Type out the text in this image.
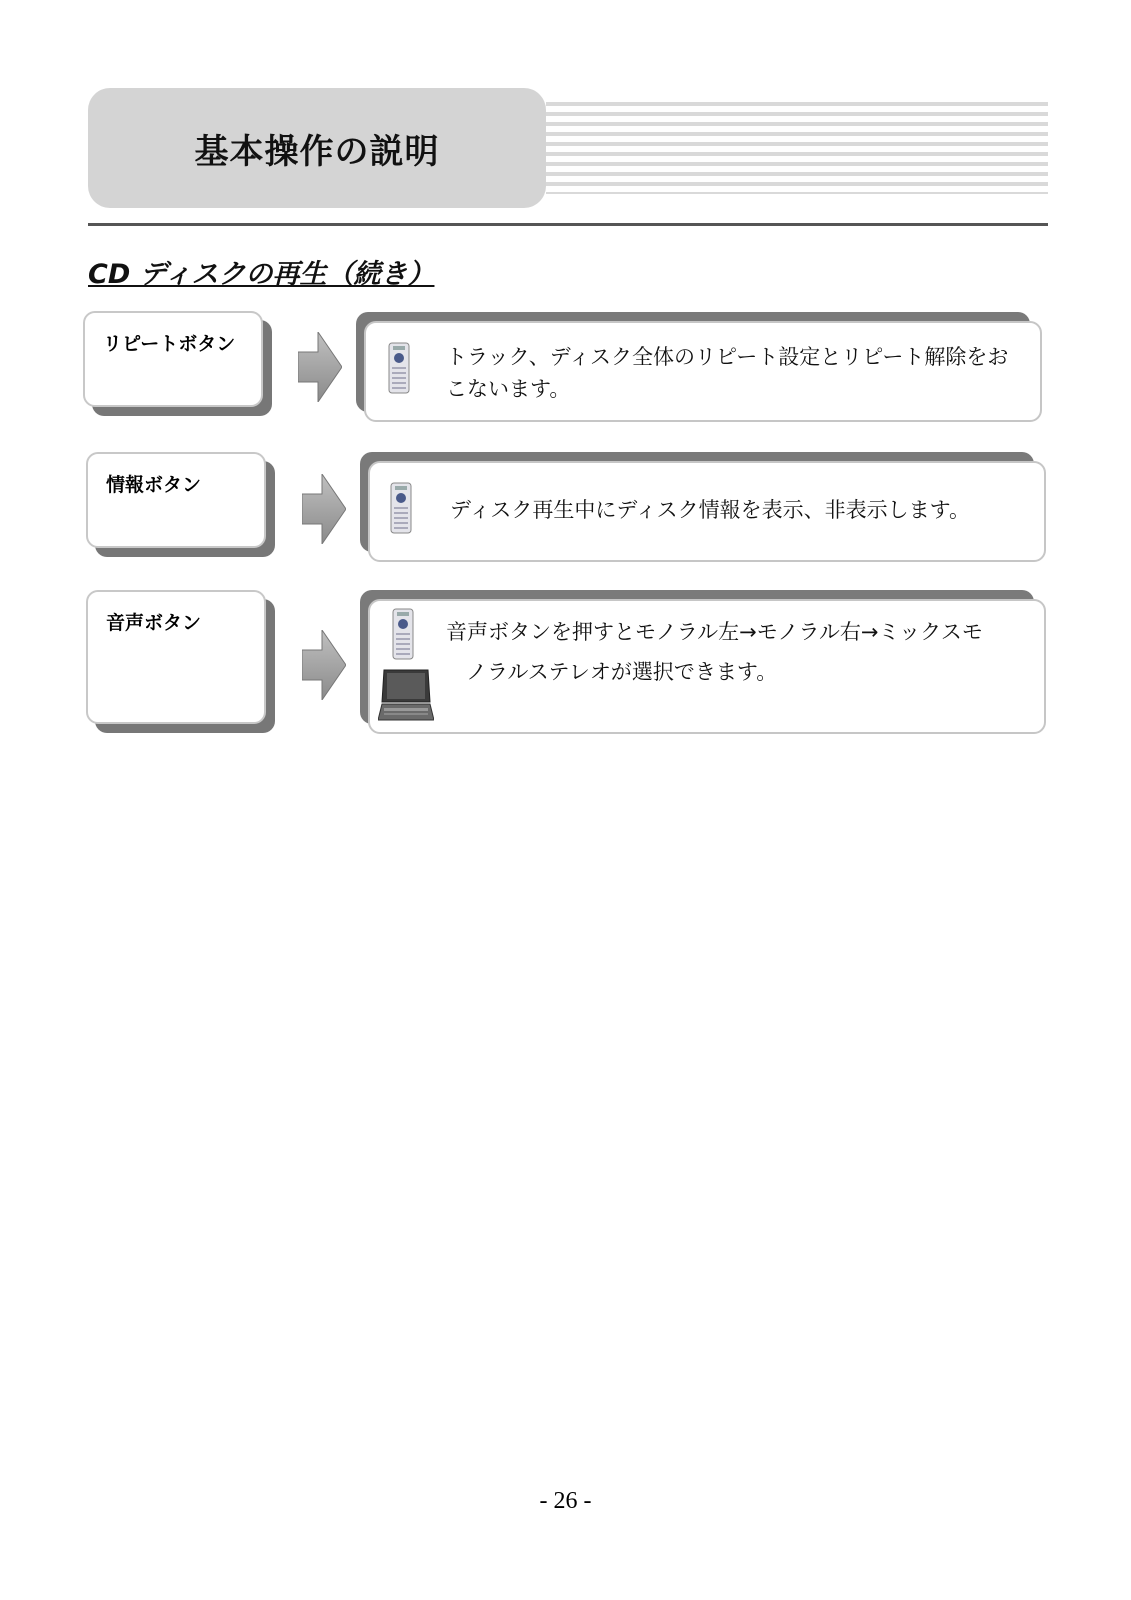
基本操作の説明
CD ディスクの再生（続き）
リピートボタン
トラック、ディスク全体のリピート設定とリピート解除をおこないます。
情報ボタン
ディスク再生中にディスク情報を表示、非表示します。
音声ボタン	音声ボタンを押すとモノラル左→モノラル右→ミックスモ
ノラルステレオが選択できます。
- 26 -
